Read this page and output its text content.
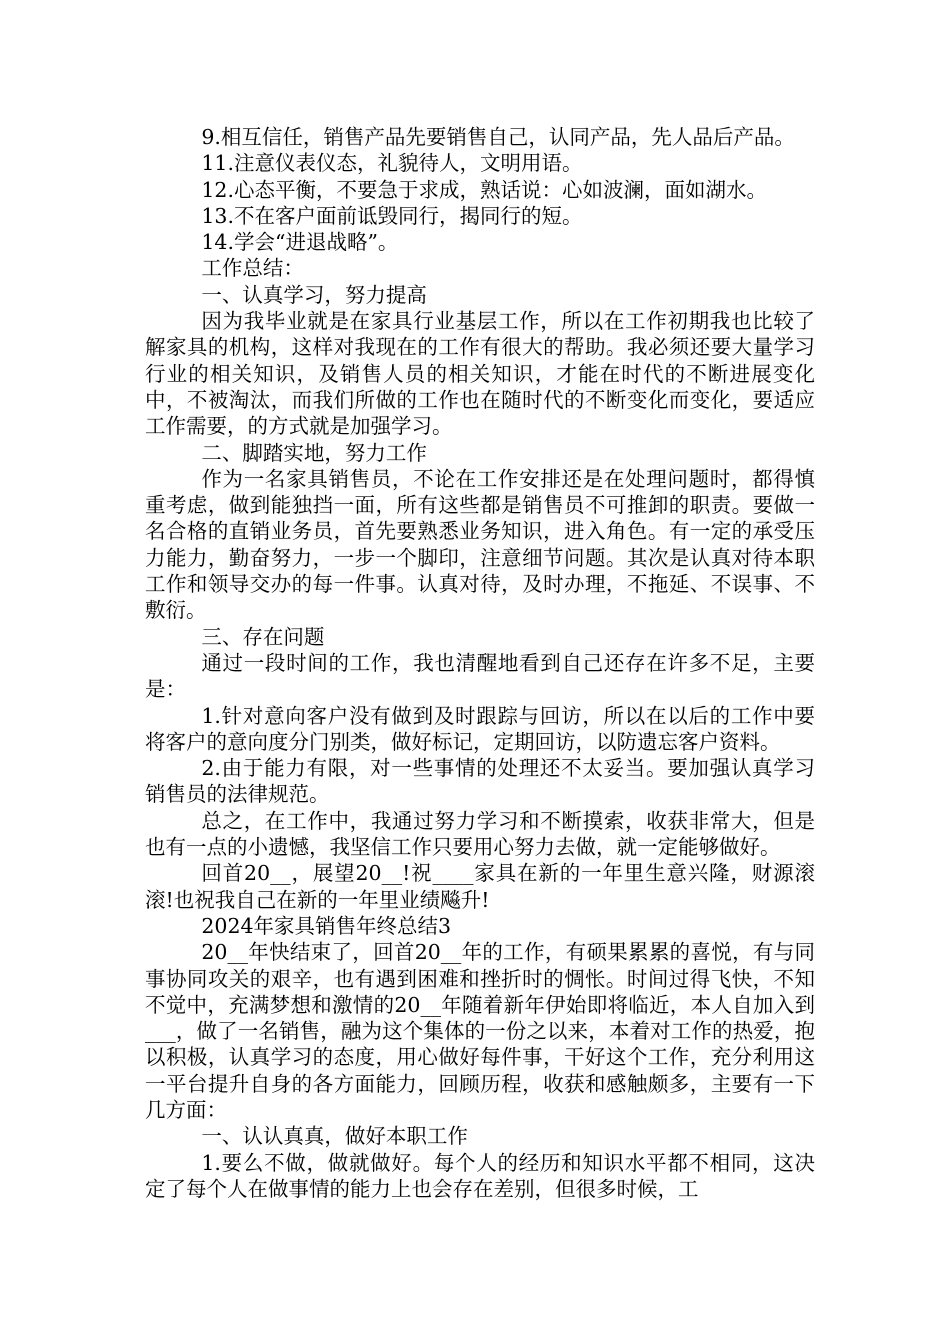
9.相互信任，销售产品先要销售自己，认同产品，先人品后产品。

11.注意仪表仪态，礼貌待人，文明用语。

12.心态平衡，不要急于求成，熟话说：心如波澜，面如湖水。

13.不在客户面前诋毁同行，揭同行的短。

14.学会“进退战略”。

工作总结：

一、认真学习，努力提高

因为我毕业就是在家具行业基层工作，所以在工作初期我也比较了解家具的机构，这样对我现在的工作有很大的帮助。我必须还要大量学习行业的相关知识，及销售人员的相关知识，才能在时代的不断进展变化中，不被淘汰，而我们所做的工作也在随时代的不断变化而变化，要适应工作需要，的方式就是加强学习。

二、脚踏实地，努力工作

作为一名家具销售员，不论在工作安排还是在处理问题时，都得慎重考虑，做到能独挡一面，所有这些都是销售员不可推卸的职责。要做一名合格的直销业务员，首先要熟悉业务知识，进入角色。有一定的承受压力能力，勤奋努力，一步一个脚印，注意细节问题。其次是认真对待本职工作和领导交办的每一件事。认真对待，及时办理，不拖延、不误事、不敷衍。

三、存在问题

通过一段时间的工作，我也清醒地看到自己还存在许多不足，主要是：

1.针对意向客户没有做到及时跟踪与回访，所以在以后的工作中要将客户的意向度分门别类，做好标记，定期回访，以防遗忘客户资料。

2.由于能力有限，对一些事情的处理还不太妥当。要加强认真学习销售员的法律规范。

总之，在工作中，我通过努力学习和不断摸索，收获非常大，但是也有一点的小遗憾，我坚信工作只要用心努力去做，就一定能够做好。

回首20__，展望20__!祝____家具在新的一年里生意兴隆，财源滚滚!也祝我自己在新的一年里业绩飚升!

2024年家具销售年终总结3

20__年快结束了，回首20__年的工作，有硕果累累的喜悦，有与同事协同攻关的艰辛，也有遇到困难和挫折时的惆怅。时间过得飞快，不知不觉中，充满梦想和激情的20__年随着新年伊始即将临近，本人自加入到___，做了一名销售，融为这个集体的一份之以来，本着对工作的热爱，抱以积极，认真学习的态度，用心做好每件事，干好这个工作，充分利用这一平台提升自身的各方面能力，回顾历程，收获和感触颇多，主要有一下几方面：

一、认认真真，做好本职工作

1.要么不做，做就做好。每个人的经历和知识水平都不相同，这决定了每个人在做事情的能力上也会存在差别，但很多时候，工
